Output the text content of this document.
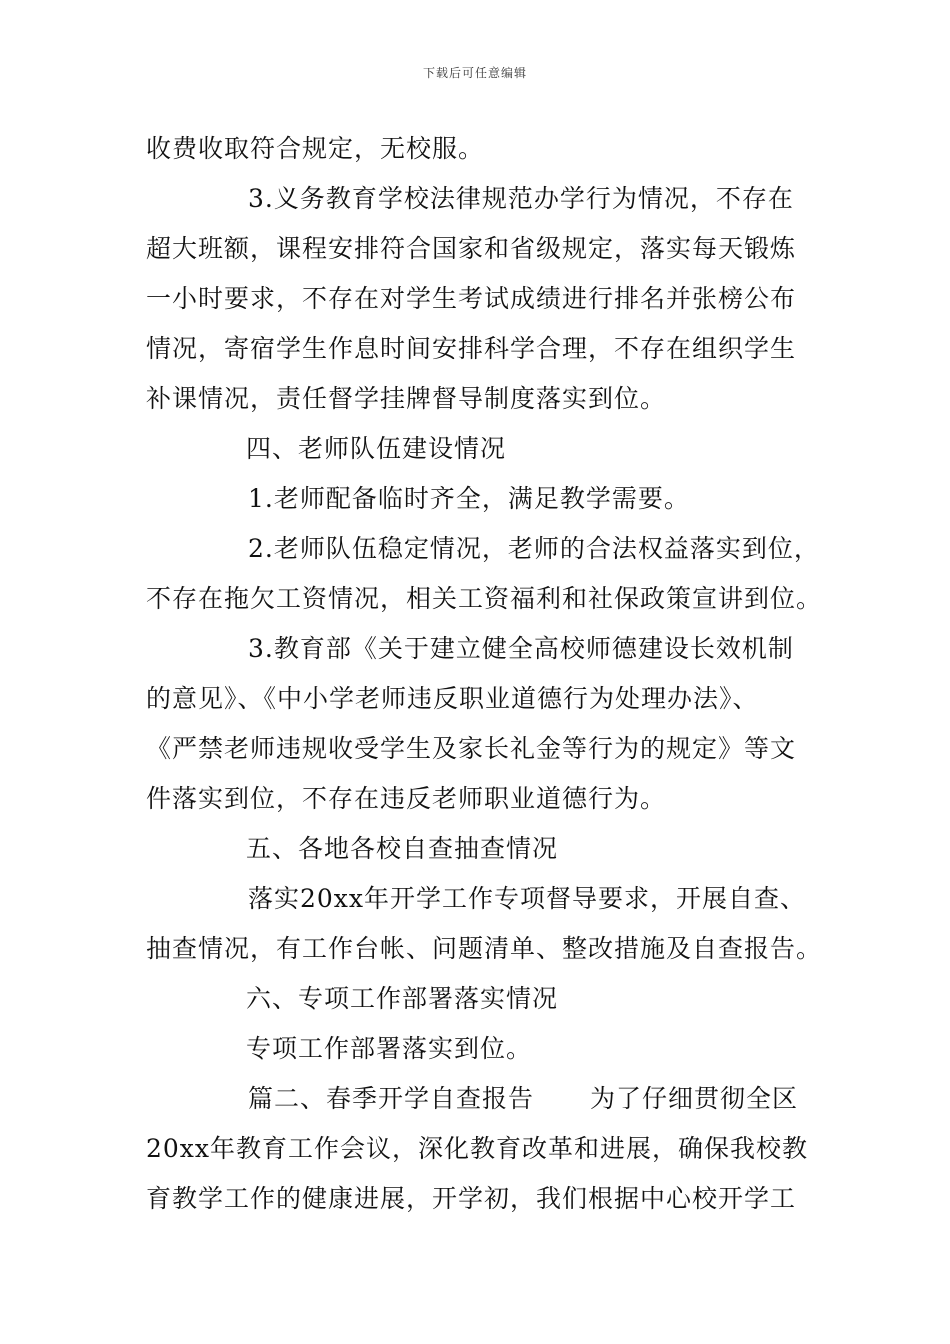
下载后可任意编辑
收费收取符合规定，无校服。
3.义务教育学校法律规范办学行为情况，不存在
超大班额，课程安排符合国家和省级规定，落实每天锻炼
一小时要求，不存在对学生考试成绩进行排名并张榜公布
情况，寄宿学生作息时间安排科学合理，不存在组织学生
补课情况，责任督学挂牌督导制度落实到位。
四、老师队伍建设情况
1.老师配备临时齐全，满足教学需要。
2.老师队伍稳定情况，老师的合法权益落实到位，
不存在拖欠工资情况，相关工资福利和社保政策宣讲到位。
3.教育部《关于建立健全高校师德建设长效机制
的意见》、《中小学老师违反职业道德行为处理办法》、
《严禁老师违规收受学生及家长礼金等行为的规定》等文
件落实到位，不存在违反老师职业道德行为。
五、各地各校自查抽查情况
落实20xx年开学工作专项督导要求，开展自查、
抽查情况，有工作台帐、问题清单、整改措施及自查报告。
六、专项工作部署落实情况
专项工作部署落实到位。
篇二、春季开学自查报告 为了仔细贯彻全区
20xx年教育工作会议，深化教育改革和进展，确保我校教
育教学工作的健康进展，开学初，我们根据中心校开学工
